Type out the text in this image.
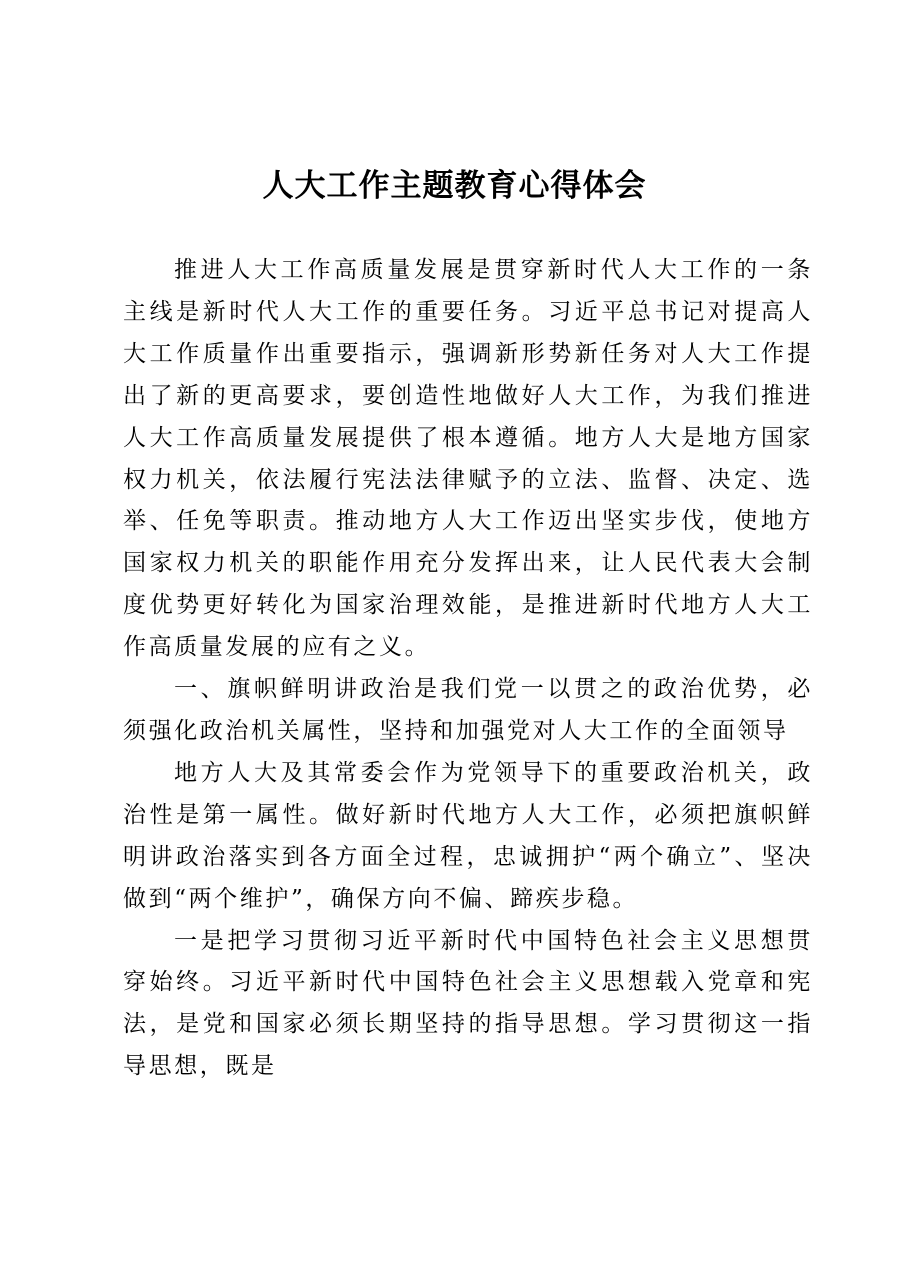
人大工作主题教育心得体会

推进人大工作高质量发展是贯穿新时代人大工作的一条主线是新时代人大工作的重要任务。习近平总书记对提高人大工作质量作出重要指示，强调新形势新任务对人大工作提出了新的更高要求，要创造性地做好人大工作，为我们推进人大工作高质量发展提供了根本遵循。地方人大是地方国家权力机关，依法履行宪法法律赋予的立法、监督、决定、选举、任免等职责。推动地方人大工作迈出坚实步伐，使地方国家权力机关的职能作用充分发挥出来，让人民代表大会制度优势更好转化为国家治理效能，是推进新时代地方人大工作高质量发展的应有之义。

一、旗帜鲜明讲政治是我们党一以贯之的政治优势，必须强化政治机关属性，坚持和加强党对人大工作的全面领导

地方人大及其常委会作为党领导下的重要政治机关，政治性是第一属性。做好新时代地方人大工作，必须把旗帜鲜明讲政治落实到各方面全过程，忠诚拥护“两个确立”、坚决做到“两个维护”，确保方向不偏、蹄疾步稳。

一是把学习贯彻习近平新时代中国特色社会主义思想贯穿始终。习近平新时代中国特色社会主义思想载入党章和宪法，是党和国家必须长期坚持的指导思想。学习贯彻这一指导思想，既是
